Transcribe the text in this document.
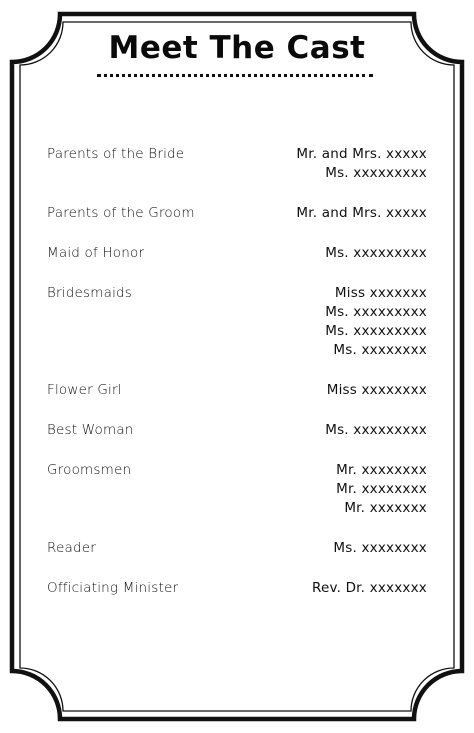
Meet The Cast
Parents of the Bride	Mr. and Mrs. xxxxx
Ms. xxxxxxxxx
Parents of the Groom	Mr. and Mrs. xxxxx
Maid of Honor	Ms. xxxxxxxxx
Bridesmaids	Miss xxxxxxx
Ms. xxxxxxxxx
Ms. xxxxxxxxx
Ms. xxxxxxxx
Flower Girl	Miss xxxxxxxx
Best Woman	Ms. xxxxxxxxx
Groomsmen	Mr. xxxxxxxx
Mr. xxxxxxxx
Mr. xxxxxxx
Reader	Ms. xxxxxxxx
Officiating Minister	Rev. Dr. xxxxxxx
